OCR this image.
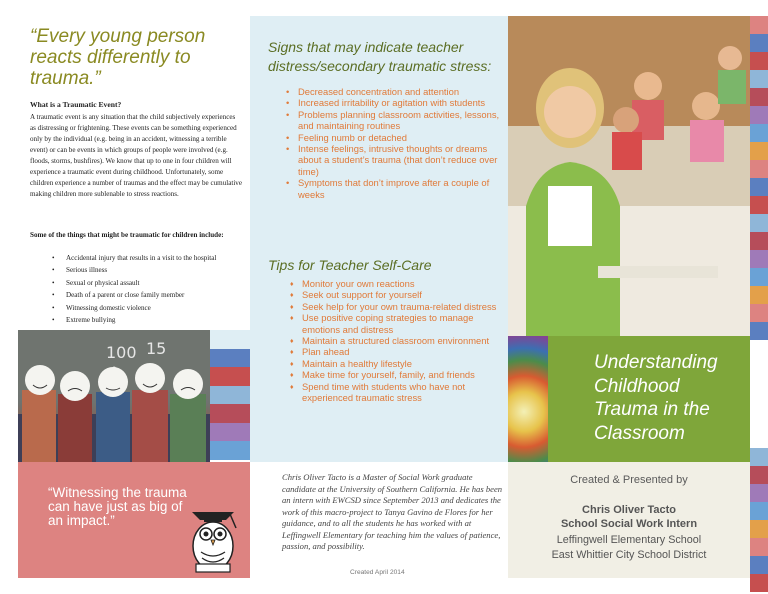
“Every young person reacts differently to trauma.”
What is a Traumatic Event?

A traumatic event is any situation that the child subjectively experiences as distressing or frightening. These events can be something experienced only by the individual (e.g. being in an accident, witnessing a terrible event) or can be events in which groups of people were involved (e.g. floods, storms, bushfires). We know that up to one in four children will experience a traumatic event during childhood. Unfortunately, some children experience a number of traumas and the effect may be cumulative making children more sublenable to stress reactions.

Some of the things that might be traumatic for children include:
• Accidental injury that results in a visit to the hospital
• Serious illness
• Sexual or physical assault
• Death of a parent or close family member
• Witnessing domestic violence
• Extreme bullying
100 15
“Witnessing the trauma can have just as big of an impact.”
Signs that may indicate teacher distress/secondary traumatic stress:
• Decreased concentration and attention
• Increased irritability or agitation with students
• Problems planning classroom activities, lessons, and maintaining routines
• Feeling numb or detached
• Intense feelings, intrusive thoughts or dreams about a student’s trauma (that don’t reduce over time)
• Symptoms that don’t improve after a couple of weeks
Tips for Teacher Self-Care
♦ Monitor your own reactions
♦ Seek out support for yourself
♦ Seek help for your own trauma-related distress
♦ Use positive coping strategies to manage emotions and distress
♦ Maintain a structured classroom environment
♦ Plan ahead
♦ Maintain a healthy lifestyle
♦ Make time for yourself, family, and friends
♦ Spend time with students who have not experienced traumatic stress

Chris Oliver Tacto is a Master of Social Work graduate candidate at the University of Southern California. He has been an intern with EWCSD since September 2013 and dedicates the work of this macro-project to Tanya Gavino de Flores for her guidance, and to all the students he has worked with at Leffingwell Elementary for teaching him the values of patience, passion, and possibility.

Created April 2014
Understanding Childhood Trauma in the Classroom
Created & Presented by
Chris Oliver Tacto
School Social Work Intern
Leffingwell Elementary School
East Whittier City School District
